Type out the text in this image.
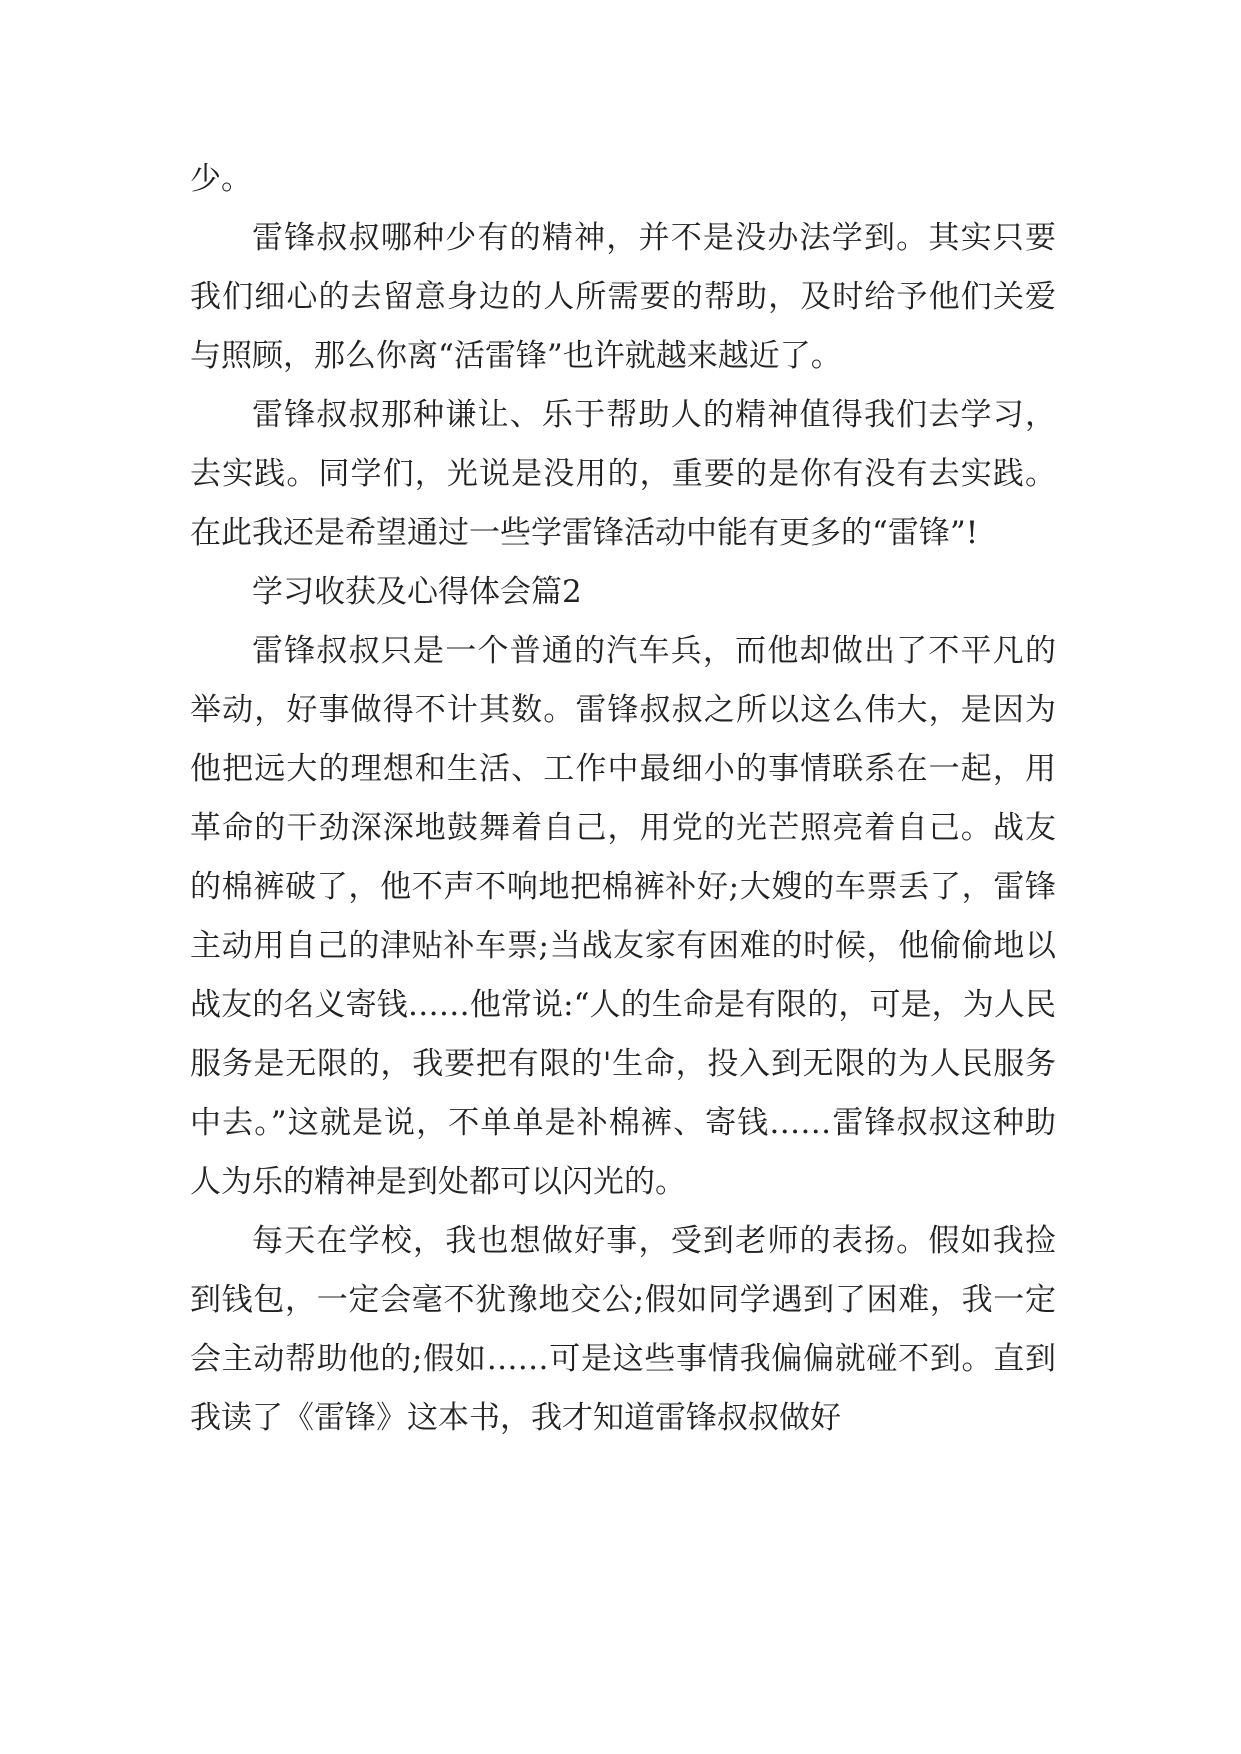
少。

雷锋叔叔哪种少有的精神，并不是没办法学到。其实只要我们细心的去留意身边的人所需要的帮助，及时给予他们关爱与照顾，那么你离“活雷锋”也许就越来越近了。

雷锋叔叔那种谦让、乐于帮助人的精神值得我们去学习，去实践。同学们，光说是没用的，重要的是你有没有去实践。在此我还是希望通过一些学雷锋活动中能有更多的“雷锋”!

学习收获及心得体会篇2

雷锋叔叔只是一个普通的汽车兵，而他却做出了不平凡的举动，好事做得不计其数。雷锋叔叔之所以这么伟大，是因为他把远大的理想和生活、工作中最细小的事情联系在一起，用革命的干劲深深地鼓舞着自己，用党的光芒照亮着自己。战友的棉裤破了，他不声不响地把棉裤补好;大嫂的车票丢了，雷锋主动用自己的津贴补车票;当战友家有困难的时候，他偷偷地以战友的名义寄钱……他常说:“人的生命是有限的，可是，为人民服务是无限的，我要把有限的'生命，投入到无限的为人民服务中去。”这就是说，不单单是补棉裤、寄钱……雷锋叔叔这种助人为乐的精神是到处都可以闪光的。

每天在学校，我也想做好事，受到老师的表扬。假如我捡到钱包，一定会毫不犹豫地交公;假如同学遇到了困难，我一定会主动帮助他的;假如……可是这些事情我偏偏就碰不到。直到我读了《雷锋》这本书，我才知道雷锋叔叔做好
